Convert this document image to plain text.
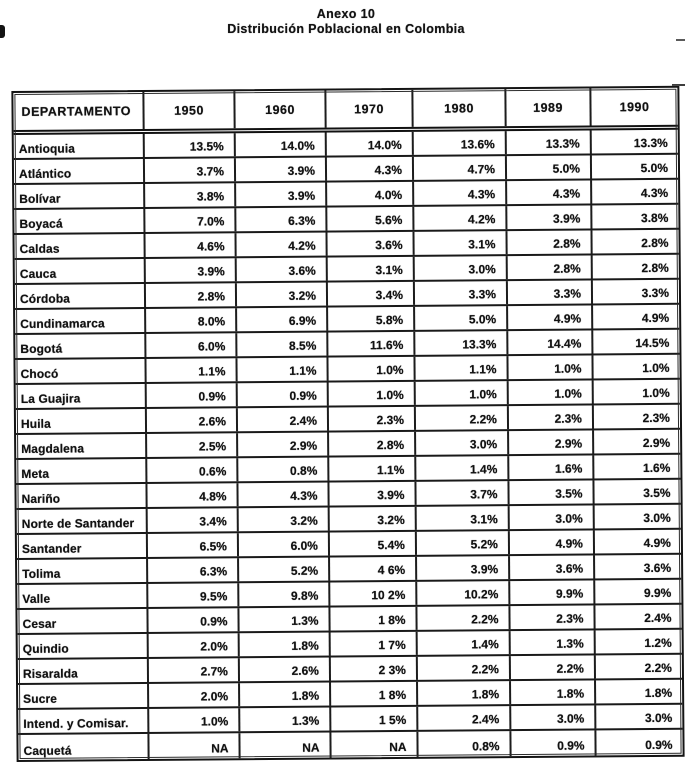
Anexo 10
Distribución Poblacional en Colombia
DEPARTAMENTO	1950	1960	1970	1980	1989	1990
Antioquia	13.5%	14.0%	14.0%	13.6%	13.3%	13.3%
Atlántico	3.7%	3.9%	4.3%	4.7%	5.0%	5.0%
Bolívar	3.8%	3.9%	4.0%	4.3%	4.3%	4.3%
Boyacá	7.0%	6.3%	5.6%	4.2%	3.9%	3.8%
Caldas	4.6%	4.2%	3.6%	3.1%	2.8%	2.8%
Cauca	3.9%	3.6%	3.1%	3.0%	2.8%	2.8%
Córdoba	2.8%	3.2%	3.4%	3.3%	3.3%	3.3%
Cundinamarca	8.0%	6.9%	5.8%	5.0%	4.9%	4.9%
Bogotá	6.0%	8.5%	11.6%	13.3%	14.4%	14.5%
Chocó	1.1%	1.1%	1.0%	1.1%	1.0%	1.0%
La Guajira	0.9%	0.9%	1.0%	1.0%	1.0%	1.0%
Huila	2.6%	2.4%	2.3%	2.2%	2.3%	2.3%
Magdalena	2.5%	2.9%	2.8%	3.0%	2.9%	2.9%
Meta	0.6%	0.8%	1.1%	1.4%	1.6%	1.6%
Nariño	4.8%	4.3%	3.9%	3.7%	3.5%	3.5%
Norte de Santander	3.4%	3.2%	3.2%	3.1%	3.0%	3.0%
Santander	6.5%	6.0%	5.4%	5.2%	4.9%	4.9%
Tolima	6.3%	5.2%	4 6%	3.9%	3.6%	3.6%
Valle	9.5%	9.8%	10 2%	10.2%	9.9%	9.9%
Cesar	0.9%	1.3%	1 8%	2.2%	2.3%	2.4%
Quindio	2.0%	1.8%	1 7%	1.4%	1.3%	1.2%
Risaralda	2.7%	2.6%	2 3%	2.2%	2.2%	2.2%
Sucre	2.0%	1.8%	1 8%	1.8%	1.8%	1.8%
Intend. y Comisar.	1.0%	1.3%	1 5%	2.4%	3.0%	3.0%
Caquetá	NA	NA	NA	0.8%	0.9%	0.9%
